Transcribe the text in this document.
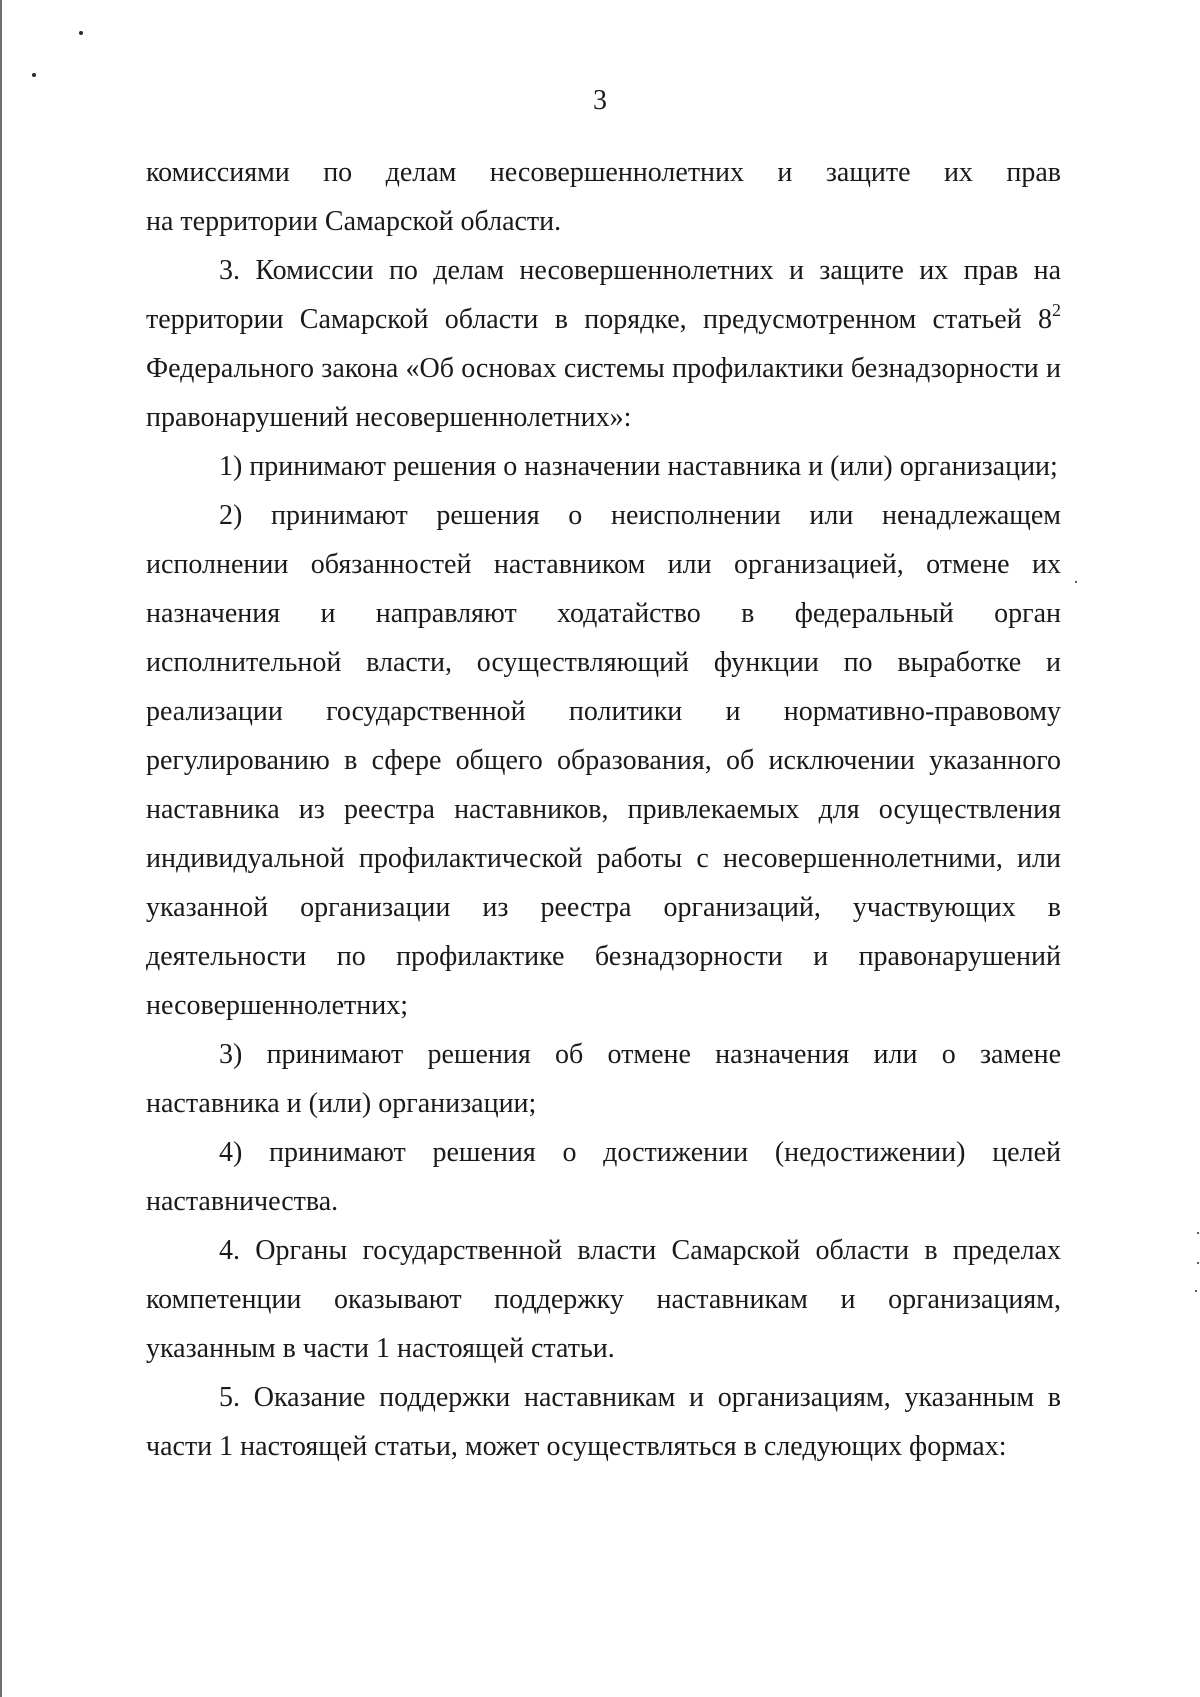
3

комиссиями по делам несовершеннолетних и защите их прав
на территории Самарской области.

3. Комиссии по делам несовершеннолетних и защите их прав на территории Самарской области в порядке, предусмотренном статьей $8^2$ Федерального закона «Об основах системы профилактики безнадзорности и правонарушений несовершеннолетних»:

1) принимают решения о назначении наставника и (или) организации;

2) принимают решения о неисполнении или ненадлежащем исполнении обязанностей наставником или организацией, отмене их назначения и направляют ходатайство в федеральный орган исполнительной власти, осуществляющий функции по выработке и реализации государственной политики и нормативно-правовому регулированию в сфере общего образования, об исключении указанного наставника из реестра наставников, привлекаемых для осуществления индивидуальной профилактической работы с несовершеннолетними, или указанной организации из реестра организаций, участвующих в деятельности по профилактике безнадзорности и правонарушений несовершеннолетних;

3) принимают решения об отмене назначения или о замене наставника и (или) организации;

4) принимают решения о достижении (недостижении) целей наставничества.

4. Органы государственной власти Самарской области в пределах компетенции оказывают поддержку наставникам и организациям, указанным в части 1 настоящей статьи.

5. Оказание поддержки наставникам и организациям, указанным в части 1 настоящей статьи, может осуществляться в следующих формах:
